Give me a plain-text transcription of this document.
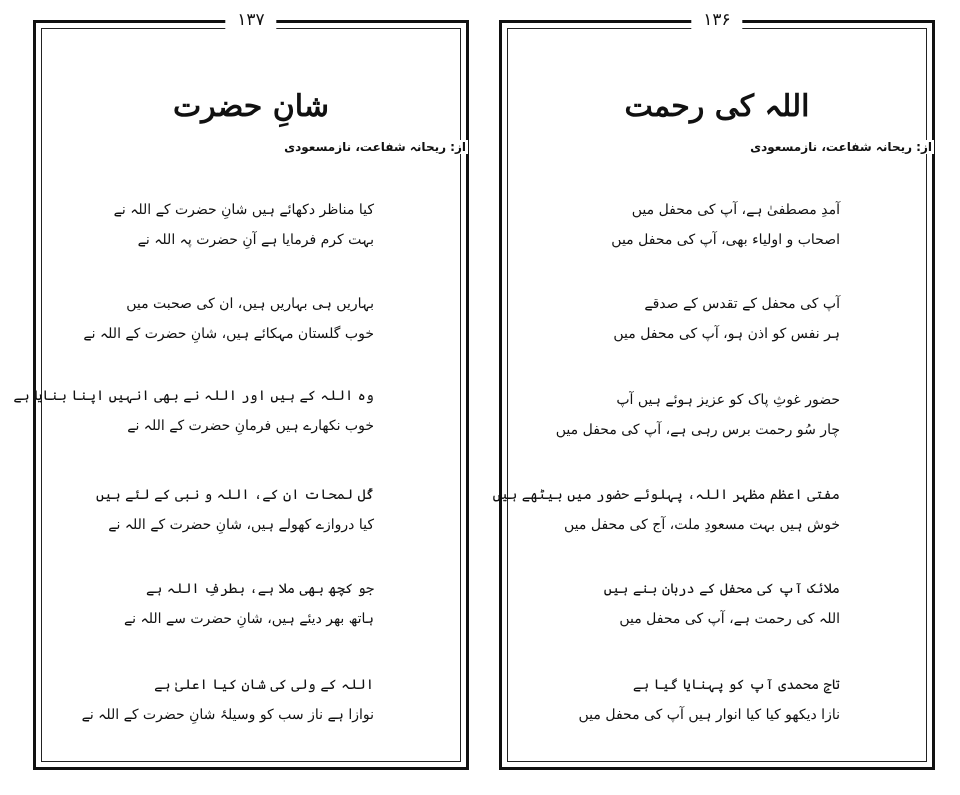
۱۳۷
شانِ حضرت
از: ریحانہ شفاعت، نازمسعودی
کیا مناظر دکھائے ہیں شانِ حضرت کے اللہ نے
بہت کرم فرمایا ہے آنِ حضرت پہ اللہ نے
بہاریں ہی بہاریں ہیں، ان کی صحبت میں
خوب گلستان مہکائے ہیں، شانِ حضرت کے اللہ نے
وہ اللہ کے ہیں اور اللہ نے بھی انہیں اپنا بنایا ہے
خوب نکھارے ہیں فرمانِ حضرت کے اللہ نے
گُل لمحات ان کے، اللہ و نبی کے لئے ہیں
کیا دروازے کھولے ہیں، شانِ حضرت کے اللہ نے
جو کچھ بھی ملا ہے، بطرفِ اللہ ہے
ہاتھ بھر دیئے ہیں، شانِ حضرت سے اللہ نے
اللہ کے ولی کی شان کیا اعلیٰ ہے
نوازا ہے ناز سب کو وسیلۂ شانِ حضرت کے اللہ نے
۱۳۶
اللہ کی رحمت
از: ریحانہ شفاعت، نازمسعودی
آمدِ مصطفیٰ ہے، آپ کی محفل میں
اصحاب و اولیاء بھی، آپ کی محفل میں
آپ کی محفل کے تقدس کے صدقے
ہر نفس کو اذن ہو، آپ کی محفل میں
حضور غوثِ پاک کو عزیز ہوئے ہیں آپ
چار سُو رحمت برس رہی ہے، آپ کی محفل میں
مفتی اعظم مظہر اللہ، پہلوئے حضور میں بیٹھے ہیں
خوش ہیں بہت مسعودِ ملت، آج کی محفل میں
ملائک آپ کی محفل کے دربان بنے ہیں
اللہ کی رحمت ہے، آپ کی محفل میں
تاجِ محمدی آپ کو پہنایا گیا ہے
نازا دیکھو کیا کیا انوار ہیں آپ کی محفل میں
